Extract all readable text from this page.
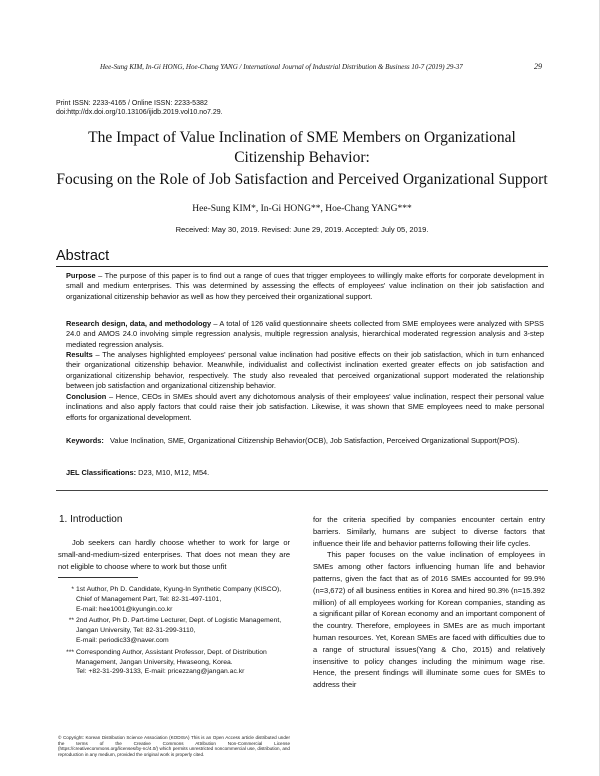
Hee-Sung KIM, In-Gi HONG, Hoe-Chang YANG / International Journal of Industrial Distribution & Business 10-7 (2019) 29-37	29
Print ISSN: 2233-4165 / Online ISSN: 2233-5382
doi:http://dx.doi.org/10.13106/ijidb.2019.vol10.no7.29.
The Impact of Value Inclination of SME Members on Organizational
Citizenship Behavior:
Focusing on the Role of Job Satisfaction and Perceived Organizational Support
Hee-Sung KIM*, In-Gi HONG**, Hoe-Chang YANG***
Received: May 30, 2019. Revised: June 29, 2019. Accepted: July 05, 2019.
Abstract
Purpose – The purpose of this paper is to find out a range of cues that trigger employees to willingly make efforts for corporate development in small and medium enterprises. This was determined by assessing the effects of employees' value inclination on their job satisfaction and organizational citizenship behavior as well as how they perceived their organizational support.
Research design, data, and methodology – A total of 126 valid questionnaire sheets collected from SME employees were analyzed with SPSS 24.0 and AMOS 24.0 involving simple regression analysis, multiple regression analysis, hierarchical moderated regression analysis and 3-step mediated regression analysis.
Results – The analyses highlighted employees' personal value inclination had positive effects on their job satisfaction, which in turn enhanced their organizational citizenship behavior. Meanwhile, individualist and collectivist inclination exerted greater effects on job satisfaction and organizational citizenship behavior, respectively. The study also revealed that perceived organizational support moderated the relationship between job satisfaction and organizational citizenship behavior.
Conclusion – Hence, CEOs in SMEs should avert any dichotomous analysis of their employees' value inclination, respect their personal value inclinations and also apply factors that could raise their job satisfaction. Likewise, it was shown that SME employees need to make personal efforts for organizational development.
Keywords: Value Inclination, SME, Organizational Citizenship Behavior(OCB), Job Satisfaction, Perceived Organizational Support(POS).
JEL Classifications: D23, M10, M12, M54.
1. Introduction

Job seekers can hardly choose whether to work for large or small-and-medium-sized enterprises. That does not mean they are not eligible to choose where to work but those unfit

* 1st Author, Ph D. Candidate, Kyung-In Synthetic Company (KISCO), Chief of Management Part, Tel: 82-31-497-1101,
E-mail: hee1001@kyungin.co.kr
** 2nd Author, Ph D. Part-time Lecturer, Dept. of Logistic Management, Jangan University, Tel: 82-31-299-3110,
E-mail: periodic33@naver.com
*** Corresponding Author, Assistant Professor, Dept. of Distribution Management, Jangan University, Hwaseong, Korea.
Tel: +82-31-299-3133, E-mail: pricezzang@jangan.ac.kr
© Copyright: Korean Distribution Science Association (KODISA) This is an Open Access article distributed under the terms of the Creative Commons Attribution Non-Commercial License (https://creativecommons.org/licenses/by-nc/4.0/) which permits unrestricted noncommercial use, distribution, and reproduction in any medium, provided the original work is properly cited.

for the criteria specified by companies encounter certain entry barriers. Similarly, humans are subject to diverse factors that influence their life and behavior patterns following their life cycles.

This paper focuses on the value inclination of employees in SMEs among other factors influencing human life and behavior patterns, given the fact that as of 2016 SMEs accounted for 99.9% (n=3,672) of all business entities in Korea and hired 90.3% (n=15.392 million) of all employees working for Korean companies, standing as a significant pillar of Korean economy and an important component of the country. Therefore, employees in SMEs are as much important human resources. Yet, Korean SMEs are faced with difficulties due to a range of structural issues(Yang & Cho, 2015) and relatively insensitive to policy changes including the minimum wage rise. Hence, the present findings will illuminate some cues for SMEs to address their
